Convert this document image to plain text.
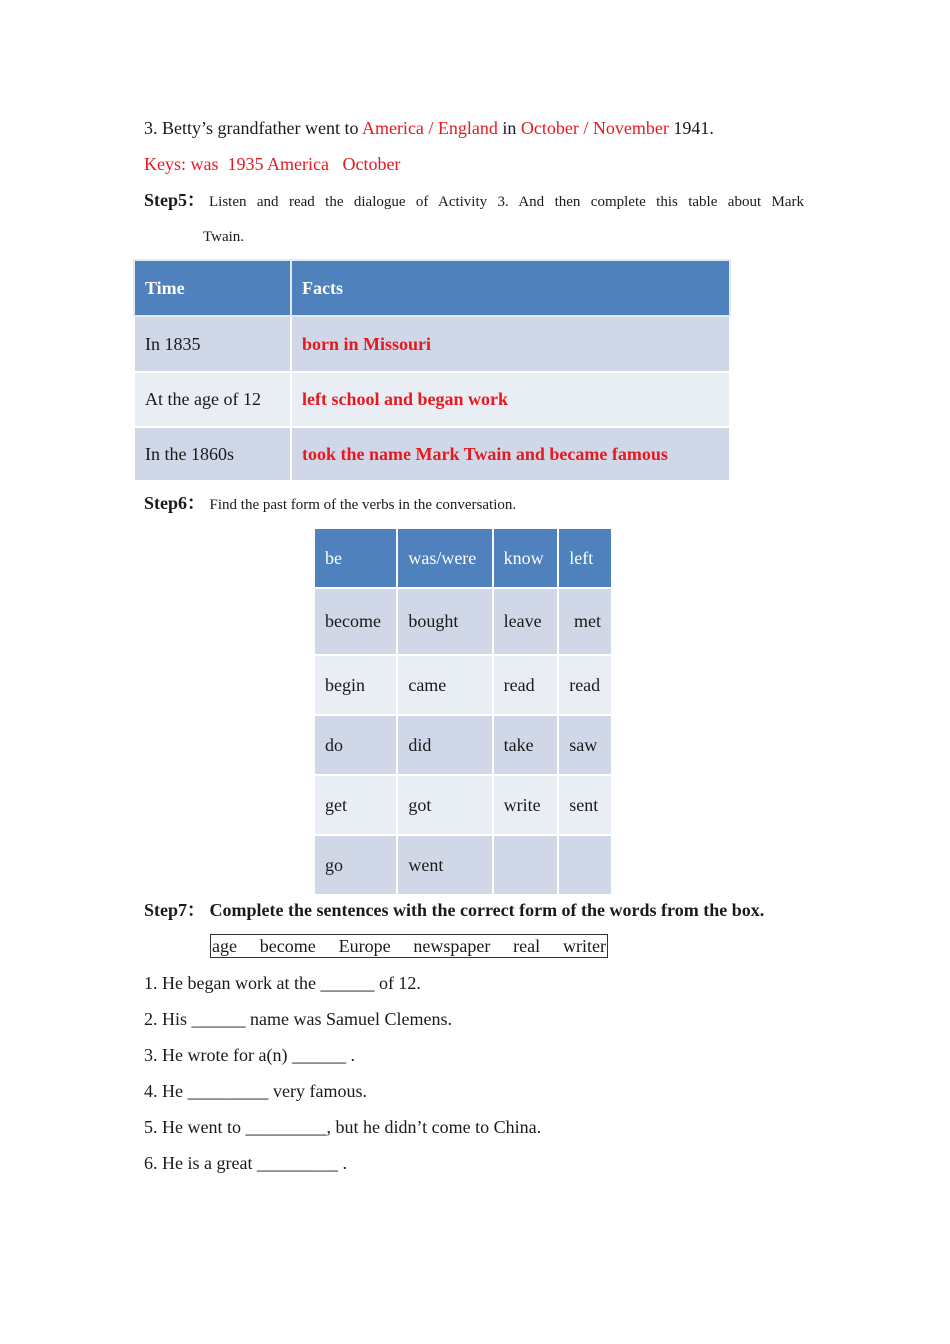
3. Betty’s grandfather went to America / England in October / November 1941.
Keys: was  1935 America   October
Step5： Listen and read the dialogue of Activity 3. And then complete this table about Mark
Twain.
Time	Facts
In 1835	born in Missouri
At the age of 12	left school and began work
In the 1860s	took the name Mark Twain and became famous
Step6： Find the past form of the verbs in the conversation.
be	was/were	know	left
become	bought	leave	met
begin	came	read	read
do	did	take	saw
get	got	write	sent
go	went		
Step7： Complete the sentences with the correct form of the words from the box.
age become Europe newspaper real writer
1. He began work at the ______ of 12.
2. His ______ name was Samuel Clemens.
3. He wrote for a(n) ______ .
4. He _________ very famous.
5. He went to _________, but he didn’t come to China.
6. He is a great _________ .
